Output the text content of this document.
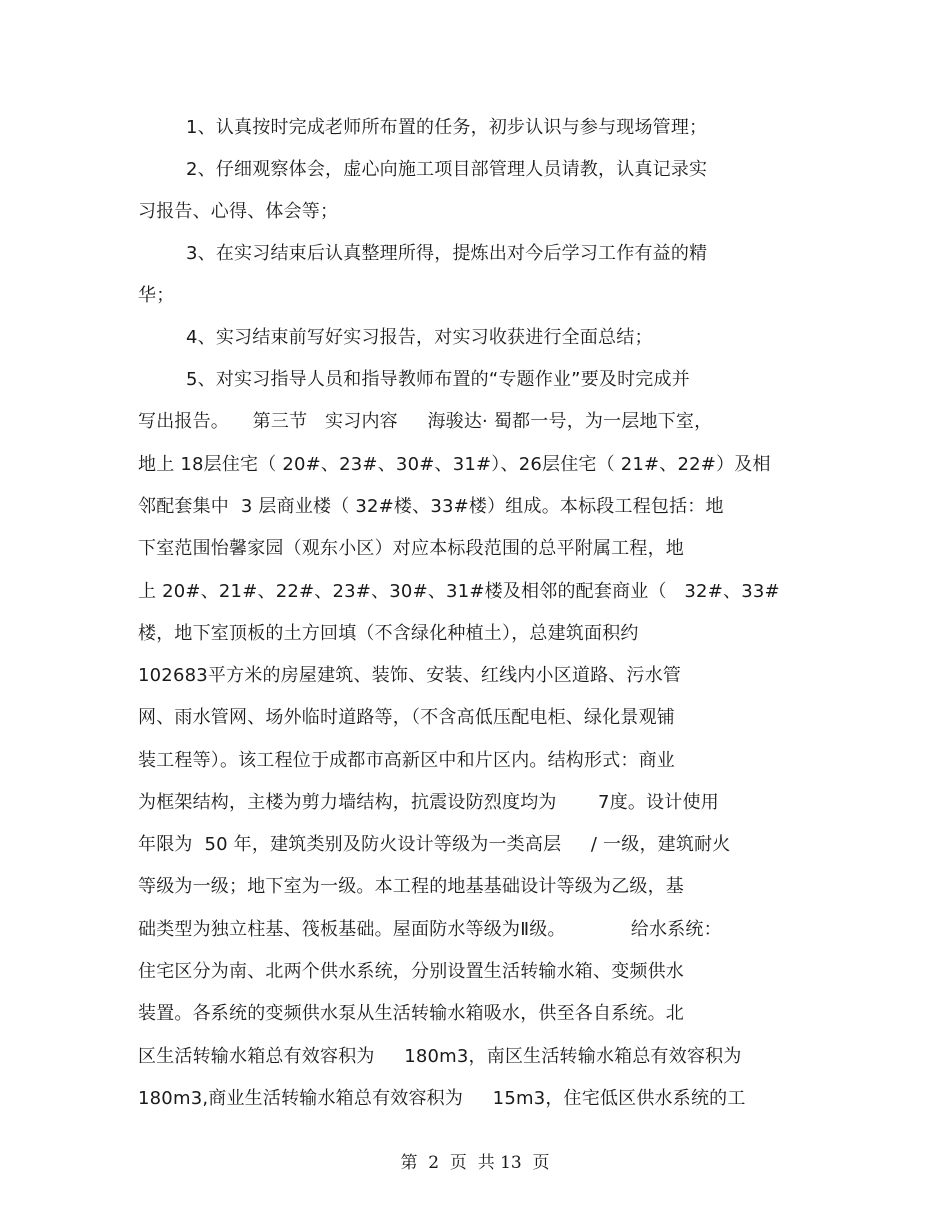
1、认真按时完成老师所布置的任务，初步认识与参与现场管理；
2、仔细观察体会，虚心向施工项目部管理人员请教，认真记录实
习报告、心得、体会等；
3、在实习结束后认真整理所得，提炼出对今后学习工作有益的精
华；
4、实习结束前写好实习报告，对实习收获进行全面总结；
5、对实习指导人员和指导教师布置的“专题作业”要及时完成并
写出报告。    第三节   实习内容     海骏达· 蜀都一号，为一层地下室，
地上 18层住宅（ 20#、23#、30#、31#）、26层住宅（ 21#、22#）及相
邻配套集中  3 层商业楼（ 32#楼、33#楼）组成。本标段工程包括：地
下室范围怡馨家园（观东小区）对应本标段范围的总平附属工程，地
上 20#、21#、22#、23#、30#、31#楼及相邻的配套商业（   32#、33#
楼，地下室顶板的土方回填（不含绿化种植土），总建筑面积约
102683平方米的房屋建筑、装饰、安装、红线内小区道路、污水管
网、雨水管网、场外临时道路等，（不含高低压配电柜、绿化景观铺
装工程等）。该工程位于成都市高新区中和片区内。结构形式：商业
为框架结构，主楼为剪力墙结构，抗震设防烈度均为       7度。设计使用
年限为  50 年，建筑类别及防火设计等级为一类高层     / 一级，建筑耐火
等级为一级；地下室为一级。本工程的地基基础设计等级为乙级，基
础类型为独立柱基、筏板基础。屋面防水等级为Ⅱ级。           给水系统：
住宅区分为南、北两个供水系统，分别设置生活转输水箱、变频供水
装置。各系统的变频供水泵从生活转输水箱吸水，供至各自系统。北
区生活转输水箱总有效容积为     180m3，南区生活转输水箱总有效容积为
180m3,商业生活转输水箱总有效容积为     15m3，住宅低区供水系统的工
第  2  页  共 13  页
